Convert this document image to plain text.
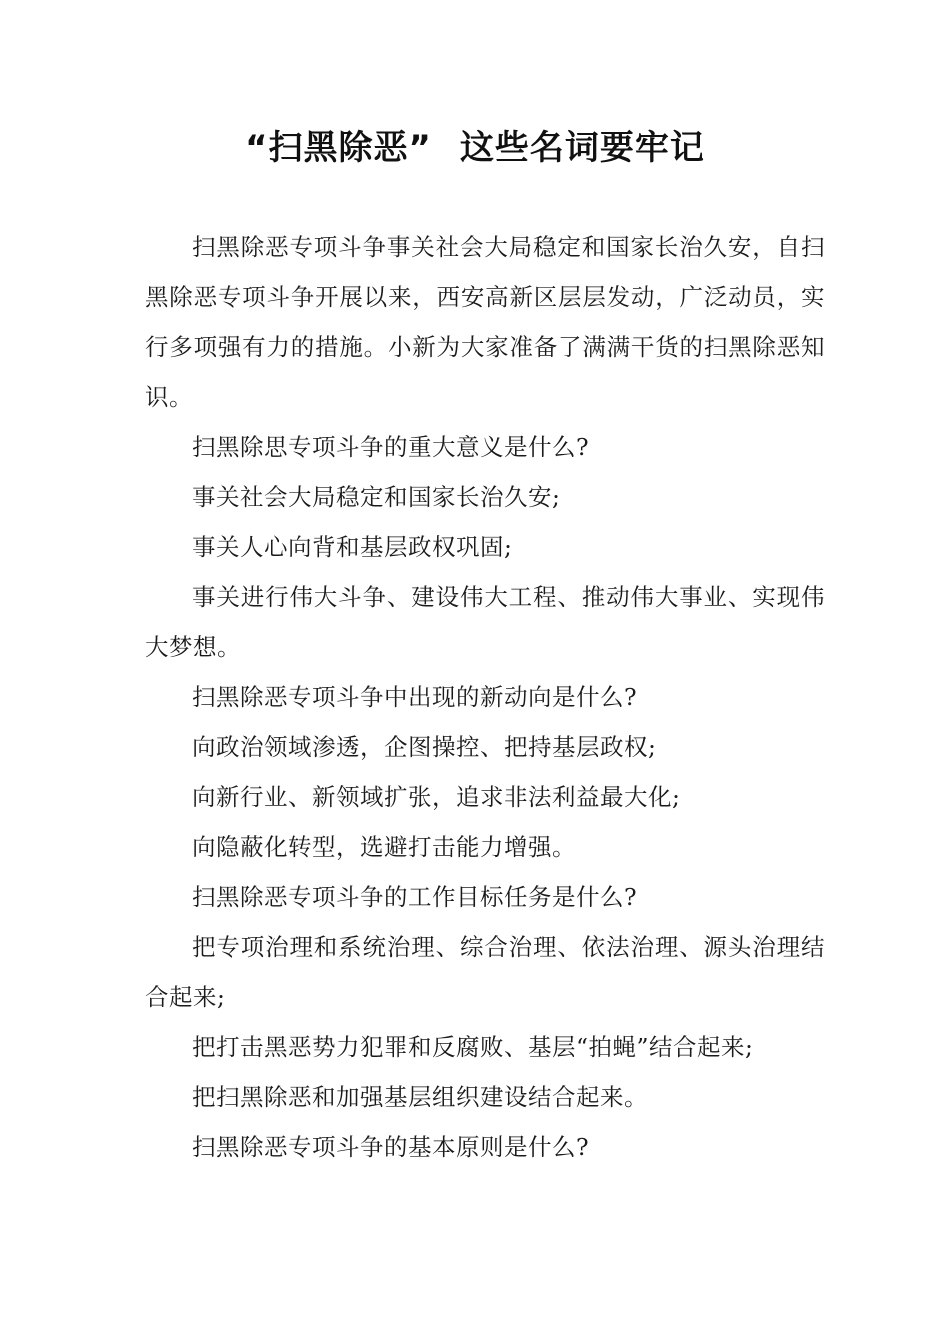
“扫黑除恶” 这些名词要牢记

扫黑除恶专项斗争事关社会大局稳定和国家长治久安，自扫黑除恶专项斗争开展以来，西安高新区层层发动，广泛动员，实行多项强有力的措施。小新为大家准备了满满干货的扫黑除恶知识。

扫黑除思专项斗争的重大意义是什么?

事关社会大局稳定和国家长治久安;

事关人心向背和基层政权巩固;

事关进行伟大斗争、建设伟大工程、推动伟大事业、实现伟大梦想。

扫黑除恶专项斗争中出现的新动向是什么?

向政治领域渗透，企图操控、把持基层政权;

向新行业、新领域扩张，追求非法利益最大化;

向隐蔽化转型，选避打击能力增强。

扫黑除恶专项斗争的工作目标任务是什么?

把专项治理和系统治理、综合治理、依法治理、源头治理结合起来;

把打击黑恶势力犯罪和反腐败、基层“拍蝇”结合起来;

把扫黑除恶和加强基层组织建设结合起来。

扫黑除恶专项斗争的基本原则是什么?
